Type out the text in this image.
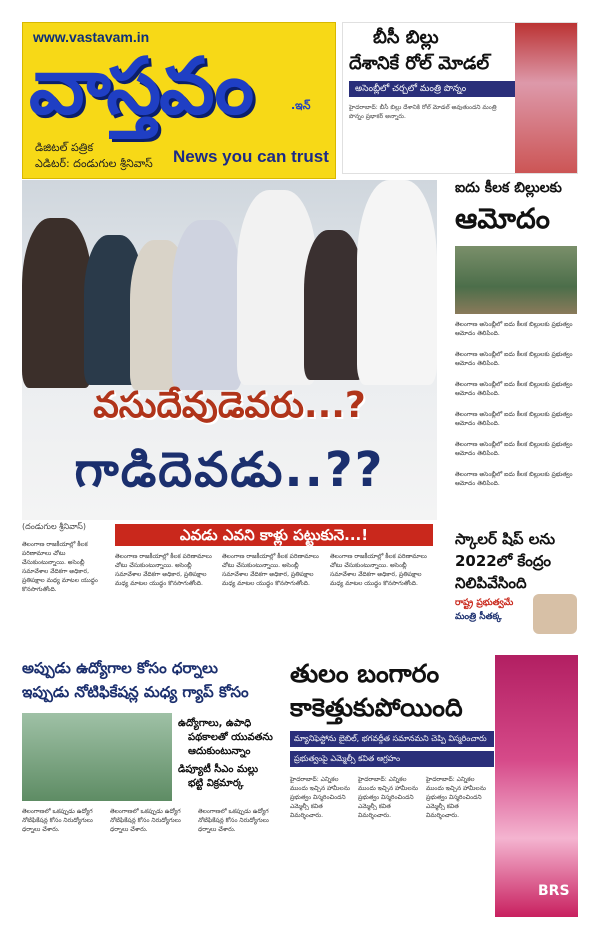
www.vastavam.in
వాస్తవం	.ఇన్
డిజిటల్ పత్రిక
ఎడిటర్: దండుగుల శ్రీనివాస్ News you can trust
బీసీ బిల్లు
దేశానికే రోల్ మోడల్
అసెంబ్లీలో చర్చలో మంత్రి పొన్నం
హైదరాబాద్: బీసీ బిల్లు దేశానికి రోల్ మోడల్ అవుతుందని మంత్రి పొన్నం ప్రభాకర్ అన్నారు.
వసుదేవుడెవరు...?
గాడిదెవడు..??
(దండుగుల శ్రీనివాస్)	ఎవడు ఎవని కాళ్లు పట్టుకునె...!
తెలంగాణ రాజకీయాల్లో కీలక పరిణామాలు చోటు చేసుకుంటున్నాయి. అసెంబ్లీ సమావేశాల వేదికగా అధికార, ప్రతిపక్షాల మధ్య మాటల యుద్ధం కొనసాగుతోంది.
తెలంగాణ రాజకీయాల్లో కీలక పరిణామాలు చోటు చేసుకుంటున్నాయి. అసెంబ్లీ సమావేశాల వేదికగా అధికార, ప్రతిపక్షాల మధ్య మాటల యుద్ధం కొనసాగుతోంది.
తెలంగాణ రాజకీయాల్లో కీలక పరిణామాలు చోటు చేసుకుంటున్నాయి. అసెంబ్లీ సమావేశాల వేదికగా అధికార, ప్రతిపక్షాల మధ్య మాటల యుద్ధం కొనసాగుతోంది.
తెలంగాణ రాజకీయాల్లో కీలక పరిణామాలు చోటు చేసుకుంటున్నాయి. అసెంబ్లీ సమావేశాల వేదికగా అధికార, ప్రతిపక్షాల మధ్య మాటల యుద్ధం కొనసాగుతోంది.
ఐదు కీలక బిల్లులకు
ఆమోదం
తెలంగాణ అసెంబ్లీలో ఐదు కీలక బిల్లులకు ప్రభుత్వం ఆమోదం తెలిపింది.
తెలంగాణ అసెంబ్లీలో ఐదు కీలక బిల్లులకు ప్రభుత్వం ఆమోదం తెలిపింది.
తెలంగాణ అసెంబ్లీలో ఐదు కీలక బిల్లులకు ప్రభుత్వం ఆమోదం తెలిపింది.
తెలంగాణ అసెంబ్లీలో ఐదు కీలక బిల్లులకు ప్రభుత్వం ఆమోదం తెలిపింది.
తెలంగాణ అసెంబ్లీలో ఐదు కీలక బిల్లులకు ప్రభుత్వం ఆమోదం తెలిపింది.
తెలంగాణ అసెంబ్లీలో ఐదు కీలక బిల్లులకు ప్రభుత్వం ఆమోదం తెలిపింది.
స్కాలర్ షిప్ లను
2022లో కేంద్రం
నిలిపివేసింది
రాష్ట్ర ప్రభుత్వమే
మంత్రి సీతక్క
అప్పుడు ఉద్యోగాల కోసం ధర్నాలు
ఇప్పుడు నోటిఫికేషన్ల మధ్య గ్యాప్ కోసం
ఉద్యోగాలు, ఉపాధి
పథకాలతో యువతను
ఆదుకుంటున్నాం
డిప్యూటీ సీఎం మల్లు
భట్టి విక్రమార్క
తెలంగాణలో ఒకప్పుడు ఉద్యోగ నోటిఫికేషన్ల కోసం నిరుద్యోగులు ధర్నాలు చేశారు.
తెలంగాణలో ఒకప్పుడు ఉద్యోగ నోటిఫికేషన్ల కోసం నిరుద్యోగులు ధర్నాలు చేశారు.
తెలంగాణలో ఒకప్పుడు ఉద్యోగ నోటిఫికేషన్ల కోసం నిరుద్యోగులు ధర్నాలు చేశారు.
తులం బంగారం
కాకెత్తుకుపోయింది
మ్యానిఫెస్టోను బైబిల్, భగవద్గీత సమానమని చెప్పి విస్మరించారు
ప్రభుత్వంపై ఎమ్మెల్సీ కవిత ఆగ్రహం
హైదరాబాద్: ఎన్నికల ముందు ఇచ్చిన హామీలను ప్రభుత్వం విస్మరించిందని ఎమ్మెల్సీ కవిత విమర్శించారు.
హైదరాబాద్: ఎన్నికల ముందు ఇచ్చిన హామీలను ప్రభుత్వం విస్మరించిందని ఎమ్మెల్సీ కవిత విమర్శించారు.
హైదరాబాద్: ఎన్నికల ముందు ఇచ్చిన హామీలను ప్రభుత్వం విస్మరించిందని ఎమ్మెల్సీ కవిత విమర్శించారు.
BRS
